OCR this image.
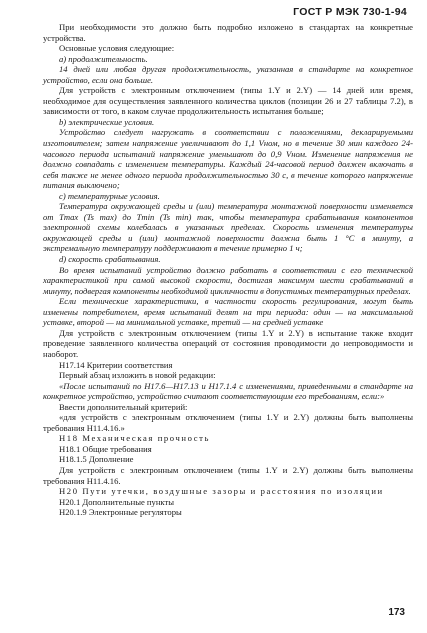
ГОСТ Р МЭК 730-1-94

При необходимости это должно быть подробно изложено в стандартах на конкретные устройства.

Основные условия следующие:

а) продолжительность.

14 дней или любая другая продолжительность, указанная в стандарте на конкретное устройство, если она больше.

Для устройств с электронным отключением (типы 1.Y и 2.Y) — 14 дней или время, необходимое для осуществления заявленного количества циклов (позиции 26 и 27 таблицы 7.2), в зависимости от того, в каком случае продолжительность испытания больше;

b) электрические условия.

Устройство следует нагружать в соответствии с положениями, декларируемыми изготовителем; затем напряжение увеличивают до 1,1 Vном, но в течение 30 мин каждого 24-часового периода испытаний напряжение уменьшают до 0,9 Vном. Изменение напряжения не должно совпадать с изменением температуры. Каждый 24-часовой период должен включать в себя также не менее одного периода продолжительностью 30 с, в течение которого напряжение питания выключено;

с) температурные условия.

Температура окружающей среды и (или) температура монтажной поверхности изменяется от Tmax (Ts max) до Tmin (Ts min) так, чтобы температура срабатывания компонентов электронной схемы колебалась в указанных пределах. Скорость изменения температуры окружающей среды и (или) монтажной поверхности должна быть 1 °С в минуту, а экстремальную температуру поддерживают в течение примерно 1 ч;

d) скорость срабатывания.

Во время испытаний устройство должно работать в соответствии с его технической характеристикой при самой высокой скорости, достигая максимум шести срабатываний в минуту, подвергая компоненты необходимой цикличности в допустимых температурных пределах.

Если технические характеристики, в частности скорость регулирования, могут быть изменены потребителем, время испытаний делят на три периода: один — на максимальной уставке, второй — на минимальной уставке, третий — на средней уставке

Для устройств с электронным отключением (типы 1.Y и 2.Y) в испытание также входит проведение заявленного количества операций от состояния проводимости до непроводимости и наоборот.

Н17.14 Критерии соответствия

Первый абзац изложить в новой редакции:

«После испытаний по Н17.6—Н17.13 и Н17.1.4 с изменениями, приведенными в стандарте на конкретное устройство, устройство считают соответствующим его требованиям, если:»

Ввести дополнительный критерий:

«для устройств с электронным отключением (типы 1.Y и 2.Y) должны быть выполнены требования Н11.4.16.»

Н18 Механическая прочность

Н18.1 Общие требования

Н18.1.5 Дополнение

Для устройств с электронным отключением (типы 1.Y и 2.Y) должны быть выполнены требования Н11.4.16.

Н20 Пути утечки, воздушные зазоры и расстояния по изоляции

Н20.1 Дополнительные пункты

Н20.1.9 Электронные регуляторы

173
